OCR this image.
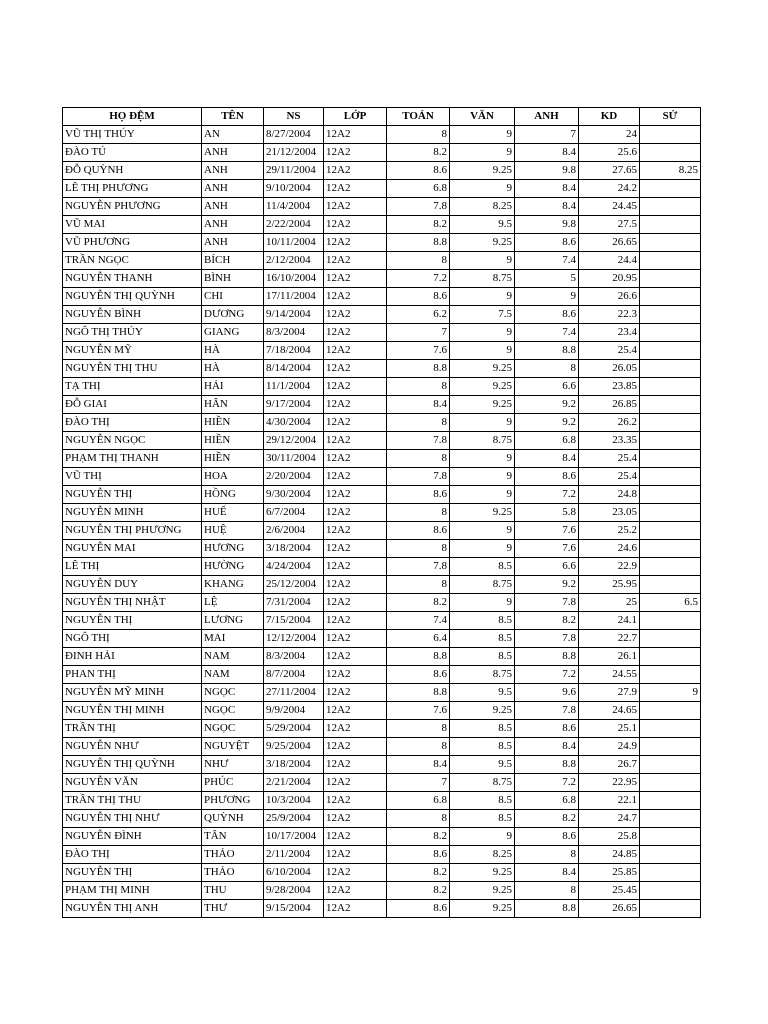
HỌ ĐỆM	TÊN	NS	LỚP	TOÁN	VĂN	ANH	KD	SỬ
VŨ THỊ THÚY	AN	8/27/2004	12A2	8	9	7	24	
ĐÀO TÚ	ANH	21/12/2004	12A2	8.2	9	8.4	25.6	
ĐỖ QUỲNH	ANH	29/11/2004	12A2	8.6	9.25	9.8	27.65	8.25
LÊ THỊ PHƯƠNG	ANH	9/10/2004	12A2	6.8	9	8.4	24.2	
NGUYỄN PHƯƠNG	ANH	11/4/2004	12A2	7.8	8.25	8.4	24.45	
VŨ MAI	ANH	2/22/2004	12A2	8.2	9.5	9.8	27.5	
VŨ PHƯƠNG	ANH	10/11/2004	12A2	8.8	9.25	8.6	26.65	
TRẦN NGỌC	BÍCH	2/12/2004	12A2	8	9	7.4	24.4	
NGUYỄN THANH	BÌNH	16/10/2004	12A2	7.2	8.75	5	20.95	
NGUYỄN THỊ QUỲNH	CHI	17/11/2004	12A2	8.6	9	9	26.6	
NGUYỄN BÌNH	DƯƠNG	9/14/2004	12A2	6.2	7.5	8.6	22.3	
NGÔ THỊ THÚY	GIANG	8/3/2004	12A2	7	9	7.4	23.4	
NGUYỄN MỸ	HÀ	7/18/2004	12A2	7.6	9	8.8	25.4	
NGUYỄN THỊ THU	HÀ	8/14/2004	12A2	8.8	9.25	8	26.05	
TẠ THỊ	HẢI	11/1/2004	12A2	8	9.25	6.6	23.85	
ĐỖ GIAI	HÂN	9/17/2004	12A2	8.4	9.25	9.2	26.85	
ĐÀO THỊ	HIỀN	4/30/2004	12A2	8	9	9.2	26.2	
NGUYỄN NGỌC	HIỀN	29/12/2004	12A2	7.8	8.75	6.8	23.35	
PHẠM THỊ THANH	HIỀN	30/11/2004	12A2	8	9	8.4	25.4	
VŨ THỊ	HOA	2/20/2004	12A2	7.8	9	8.6	25.4	
NGUYỄN THỊ	HỒNG	9/30/2004	12A2	8.6	9	7.2	24.8	
NGUYỄN MINH	HUẾ	6/7/2004	12A2	8	9.25	5.8	23.05	
NGUYỄN THỊ PHƯƠNG	HUỆ	2/6/2004	12A2	8.6	9	7.6	25.2	
NGUYỄN MAI	HƯƠNG	3/18/2004	12A2	8	9	7.6	24.6	
LÊ THỊ	HƯỜNG	4/24/2004	12A2	7.8	8.5	6.6	22.9	
NGUYỄN DUY	KHANG	25/12/2004	12A2	8	8.75	9.2	25.95	
NGUYỄN THỊ NHẬT	LỆ	7/31/2004	12A2	8.2	9	7.8	25	6.5
NGUYỄN THỊ	LƯƠNG	7/15/2004	12A2	7.4	8.5	8.2	24.1	
NGÔ THỊ	MAI	12/12/2004	12A2	6.4	8.5	7.8	22.7	
ĐINH HẢI	NAM	8/3/2004	12A2	8.8	8.5	8.8	26.1	
PHAN THỊ	NAM	8/7/2004	12A2	8.6	8.75	7.2	24.55	
NGUYỄN MỸ MINH	NGỌC	27/11/2004	12A2	8.8	9.5	9.6	27.9	9
NGUYỄN THỊ MINH	NGỌC	9/9/2004	12A2	7.6	9.25	7.8	24.65	
TRẦN THỊ	NGỌC	5/29/2004	12A2	8	8.5	8.6	25.1	
NGUYỄN NHƯ	NGUYỆT	9/25/2004	12A2	8	8.5	8.4	24.9	
NGUYỄN THỊ QUỲNH	NHƯ	3/18/2004	12A2	8.4	9.5	8.8	26.7	
NGUYỄN VĂN	PHÚC	2/21/2004	12A2	7	8.75	7.2	22.95	
TRẦN THỊ THU	PHƯƠNG	10/3/2004	12A2	6.8	8.5	6.8	22.1	
NGUYỄN THỊ NHƯ	QUỲNH	25/9/2004	12A2	8	8.5	8.2	24.7	
NGUYỄN ĐÌNH	TÂN	10/17/2004	12A2	8.2	9	8.6	25.8	
ĐÀO THỊ	THẢO	2/11/2004	12A2	8.6	8.25	8	24.85	
NGUYỄN THỊ	THẢO	6/10/2004	12A2	8.2	9.25	8.4	25.85	
PHẠM THỊ MINH	THU	9/28/2004	12A2	8.2	9.25	8	25.45	
NGUYỄN THỊ ANH	THƯ	9/15/2004	12A2	8.6	9.25	8.8	26.65	
